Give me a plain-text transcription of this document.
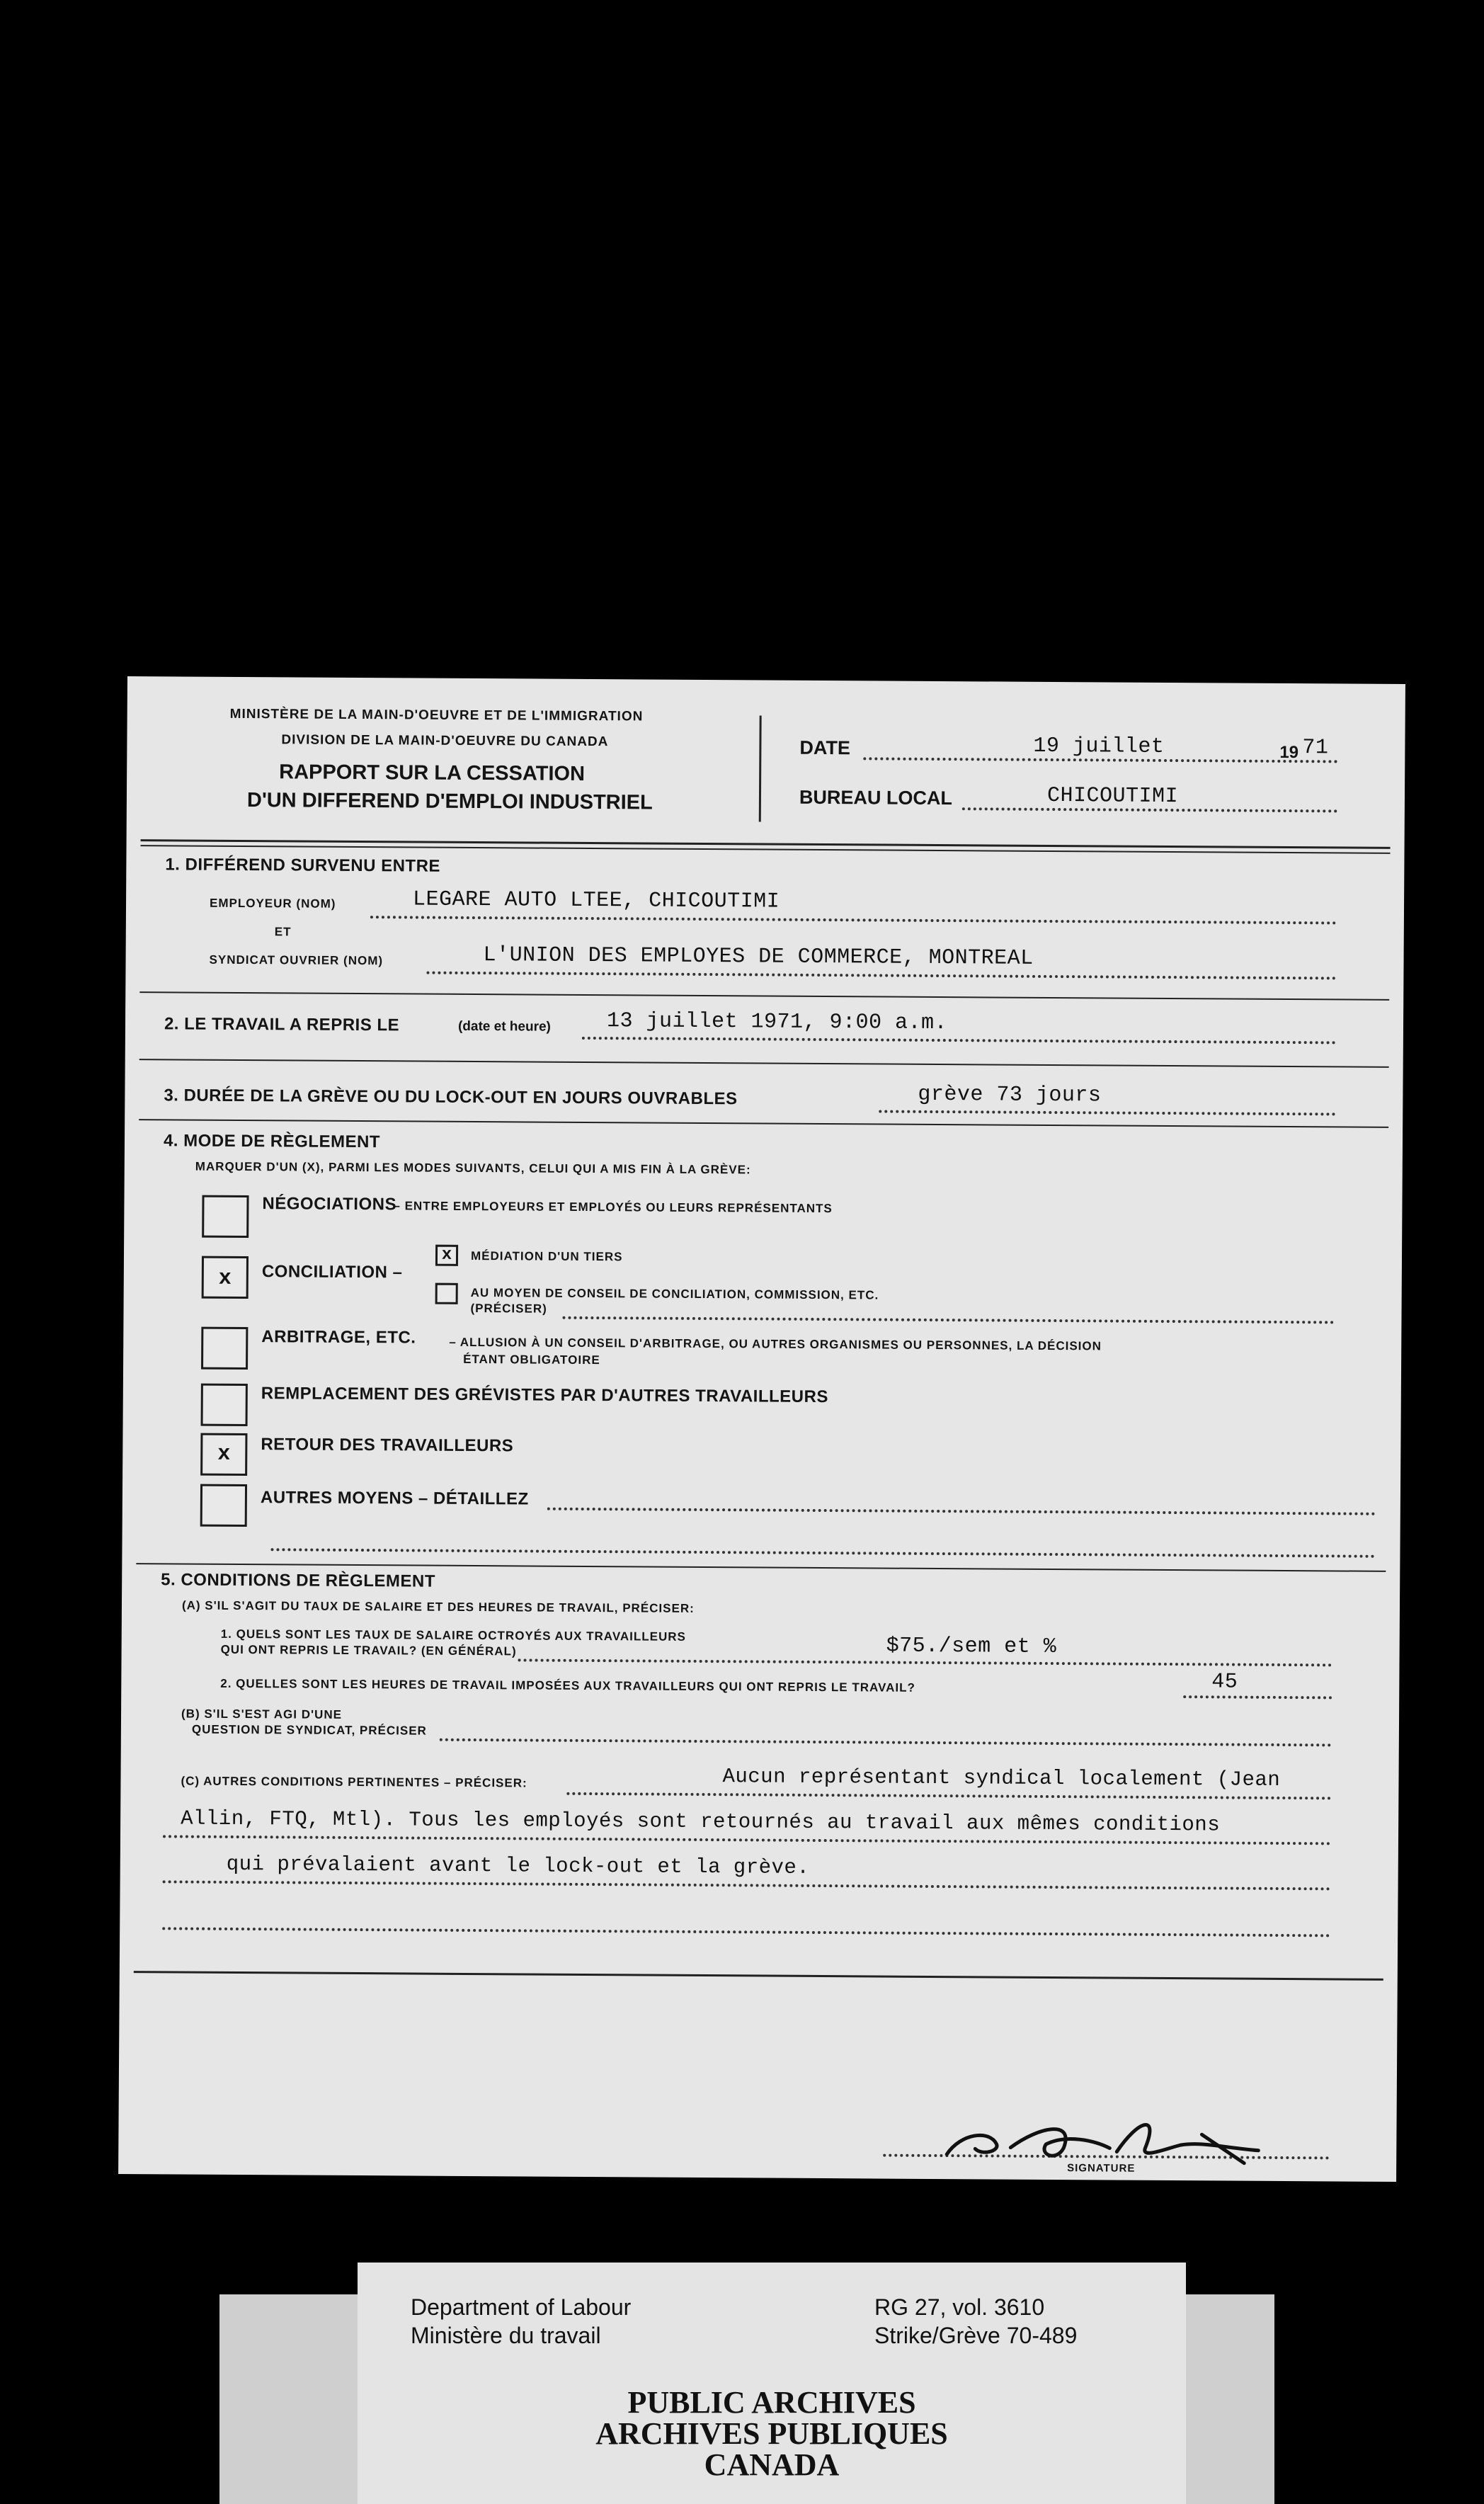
MINISTÈRE DE LA MAIN-D'OEUVRE ET DE L'IMMIGRATION
DIVISION DE LA MAIN-D'OEUVRE DU CANADA
RAPPORT SUR LA CESSATION
D'UN DIFFEREND D'EMPLOI INDUSTRIEL
DATE	19 juillet	19 71
BUREAU LOCAL	CHICOUTIMI
1. DIFFÉREND SURVENU ENTRE
EMPLOYEUR (NOM)	LEGARE AUTO LTEE, CHICOUTIMI
ET
SYNDICAT OUVRIER (NOM)	L'UNION DES EMPLOYES DE COMMERCE, MONTREAL
2. LE TRAVAIL A REPRIS LE	(date et heure)	13 juillet 1971, 9:00 a.m.
3. DURÉE DE LA GRÈVE OU DU LOCK-OUT EN JOURS OUVRABLES	grève 73 jours
4. MODE DE RÈGLEMENT
MARQUER D'UN (X), PARMI LES MODES SUIVANTS, CELUI QUI A MIS FIN À LA GRÈVE:
NÉGOCIATIONS
– ENTRE EMPLOYEURS ET EMPLOYÉS OU LEURS REPRÉSENTANTS
x	CONCILIATION –
x	MÉDIATION D'UN TIERS
AU MOYEN DE CONSEIL DE CONCILIATION, COMMISSION, ETC.
(PRÉCISER)
ARBITRAGE, ETC.	– ALLUSION À UN CONSEIL D'ARBITRAGE, OU AUTRES ORGANISMES OU PERSONNES, LA DÉCISION
ÉTANT OBLIGATOIRE
REMPLACEMENT DES GRÉVISTES PAR D'AUTRES TRAVAILLEURS
x	RETOUR DES TRAVAILLEURS
AUTRES MOYENS – DÉTAILLEZ
5. CONDITIONS DE RÈGLEMENT
(A) S'IL S'AGIT DU TAUX DE SALAIRE ET DES HEURES DE TRAVAIL, PRÉCISER:
1. QUELS SONT LES TAUX DE SALAIRE OCTROYÉS AUX TRAVAILLEURS
QUI ONT REPRIS LE TRAVAIL? (EN GÉNÉRAL)	$75./sem et %
2. QUELLES SONT LES HEURES DE TRAVAIL IMPOSÉES AUX TRAVAILLEURS QUI ONT REPRIS LE TRAVAIL?	45
(B) S'IL S'EST AGI D'UNE
QUESTION DE SYNDICAT, PRÉCISER
(C) AUTRES CONDITIONS PERTINENTES – PRÉCISER:	Aucun représentant syndical localement (Jean
Allin, FTQ, Mtl). Tous les employés sont retournés au travail aux mêmes conditions
qui prévalaient avant le lock-out et la grève.
SIGNATURE
Department of Labour
Ministère du travail
RG 27, vol. 3610
Strike/Grève 70-489
PUBLIC ARCHIVES
ARCHIVES PUBLIQUES
CANADA
